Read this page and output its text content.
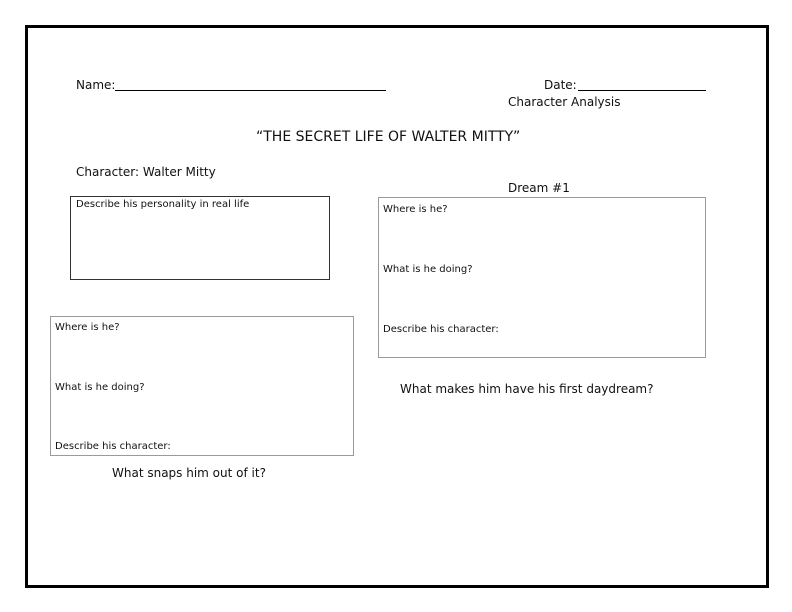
Name:	Date:
Character Analysis
“THE SECRET LIFE OF WALTER MITTY”
Character: Walter Mitty
Describe his personality in real life
Dream #1
Where is he?
What is he doing?
Describe his character:
What makes him have his first daydream?
Where is he?
What is he doing?
Describe his character:
What snaps him out of it?
